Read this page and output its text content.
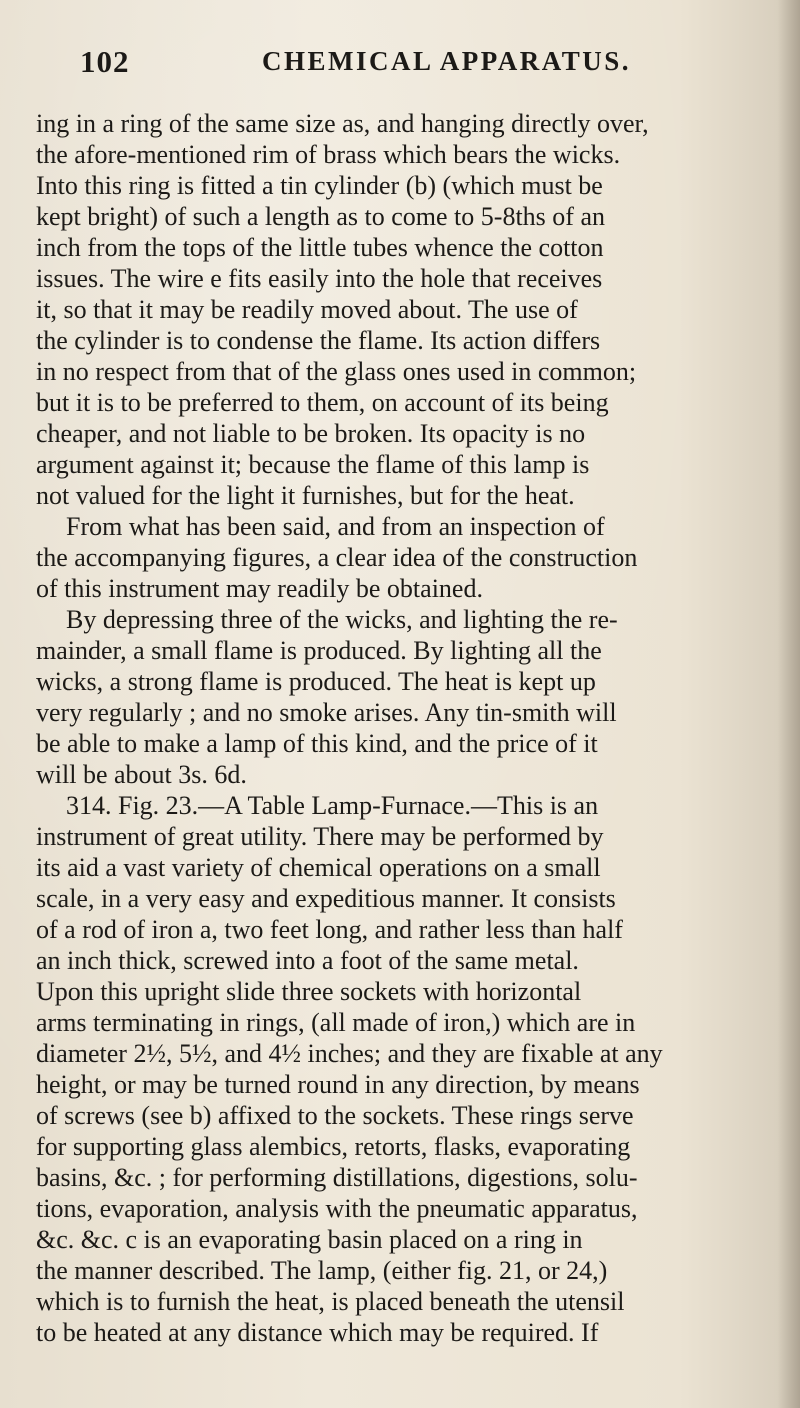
102	CHEMICAL APPARATUS.
ing in a ring of the same size as, and hanging directly over,
the afore-mentioned rim of brass which bears the wicks.
Into this ring is fitted a tin cylinder (b) (which must be
kept bright) of such a length as to come to 5-8ths of an
inch from the tops of the little tubes whence the cotton
issues. The wire e fits easily into the hole that receives
it, so that it may be readily moved about. The use of
the cylinder is to condense the flame. Its action differs
in no respect from that of the glass ones used in common;
but it is to be preferred to them, on account of its being
cheaper, and not liable to be broken. Its opacity is no
argument against it; because the flame of this lamp is
not valued for the light it furnishes, but for the heat.
From what has been said, and from an inspection of
the accompanying figures, a clear idea of the construction
of this instrument may readily be obtained.
By depressing three of the wicks, and lighting the re-
mainder, a small flame is produced. By lighting all the
wicks, a strong flame is produced. The heat is kept up
very regularly ; and no smoke arises. Any tin-smith will
be able to make a lamp of this kind, and the price of it
will be about 3s. 6d.
314. Fig. 23.—A Table Lamp-Furnace.—This is an
instrument of great utility. There may be performed by
its aid a vast variety of chemical operations on a small
scale, in a very easy and expeditious manner. It consists
of a rod of iron a, two feet long, and rather less than half
an inch thick, screwed into a foot of the same metal.
Upon this upright slide three sockets with horizontal
arms terminating in rings, (all made of iron,) which are in
diameter 2½, 5½, and 4½ inches; and they are fixable at any
height, or may be turned round in any direction, by means
of screws (see b) affixed to the sockets. These rings serve
for supporting glass alembics, retorts, flasks, evaporating
basins, &c. ; for performing distillations, digestions, solu-
tions, evaporation, analysis with the pneumatic apparatus,
&c. &c. c is an evaporating basin placed on a ring in
the manner described. The lamp, (either fig. 21, or 24,)
which is to furnish the heat, is placed beneath the utensil
to be heated at any distance which may be required. If
